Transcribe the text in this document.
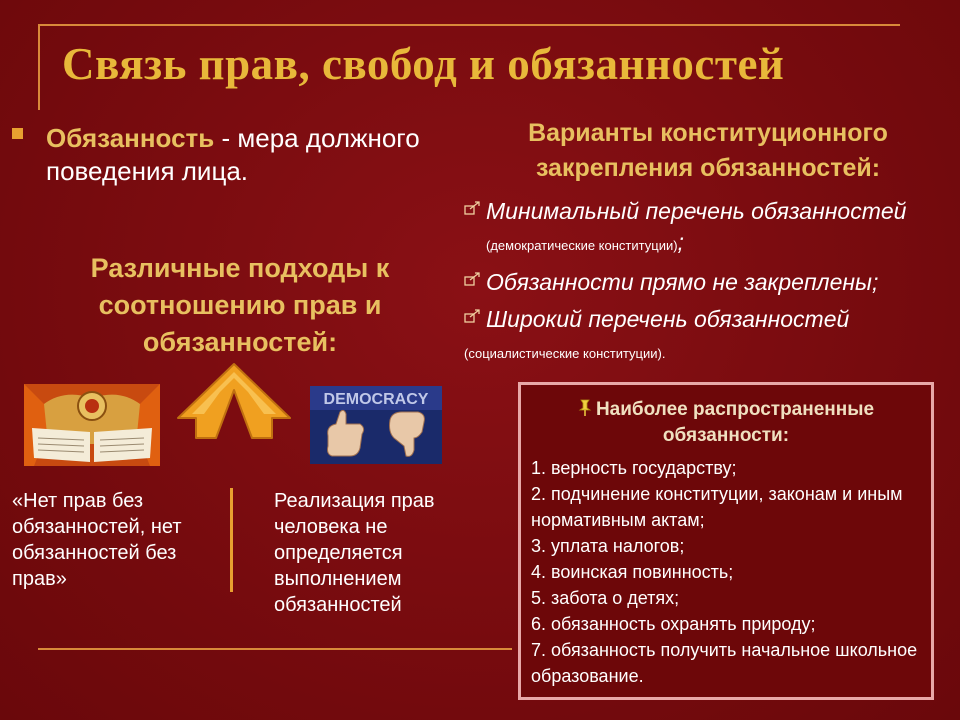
Связь прав, свобод и обязанностей
Обязанность - мера должного поведения лица.
Различные подходы к соотношению прав и обязанностей:
Варианты конституционного закрепления обязанностей:
Минимальный перечень обязанностей (демократические конституции);
Обязанности прямо не закреплены;
Широкий перечень обязанностей
(социалистические конституции).
DEMOCRACY
«Нет прав без обязанностей, нет обязанностей без прав»
Реализация прав человека не определяется выполнением обязанностей
Наиболее распространенные обязанности:
1. верность государству;
2. подчинение конституции, законам и иным нормативным актам;
3. уплата налогов;
4. воинская повинность;
5. забота о детях;
6. обязанность охранять природу;
7. обязанность получить начальное школьное образование.
